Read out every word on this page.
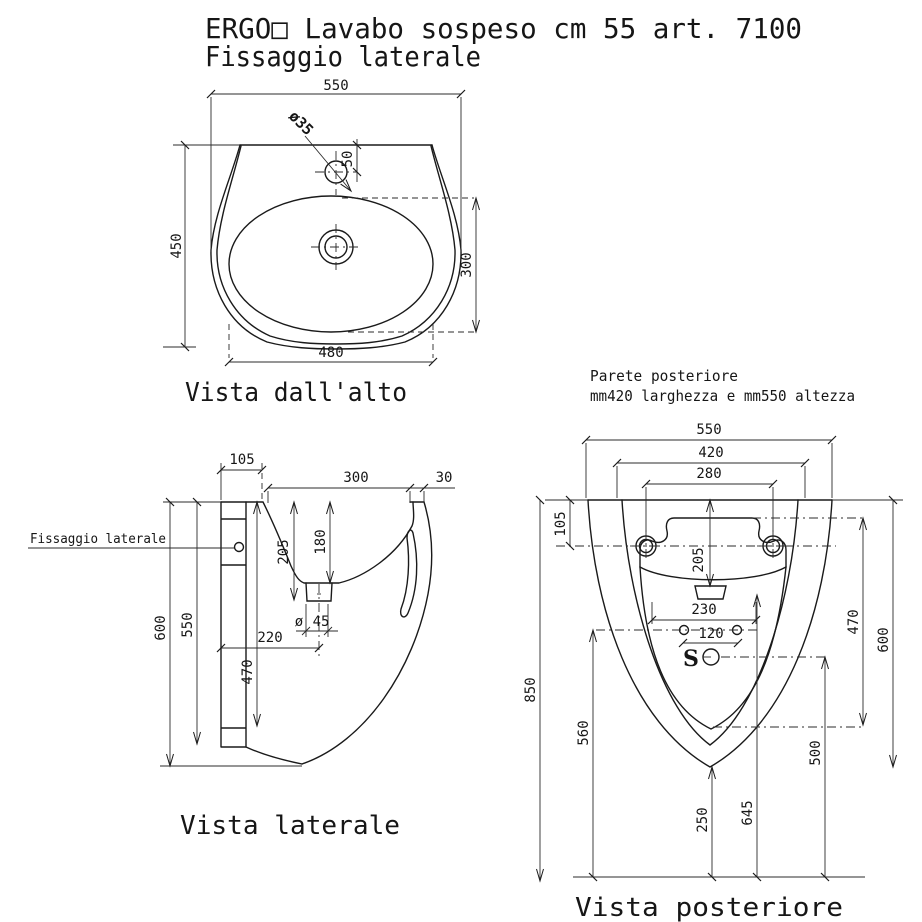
ERGO□ Lavabo sospeso cm 55 art. 7100
Fissaggio laterale
550
450
ø35
50
300
480
Vista dall'alto
105
300	30
205 180
ø 45
220
470
550
600
Fissaggio laterale
Vista laterale
Parete posteriore
mm420 larghezza e mm550 altezza
550
420
280
105
205
230
120	470
600
850
560
500
645
250
S
Vista posteriore
